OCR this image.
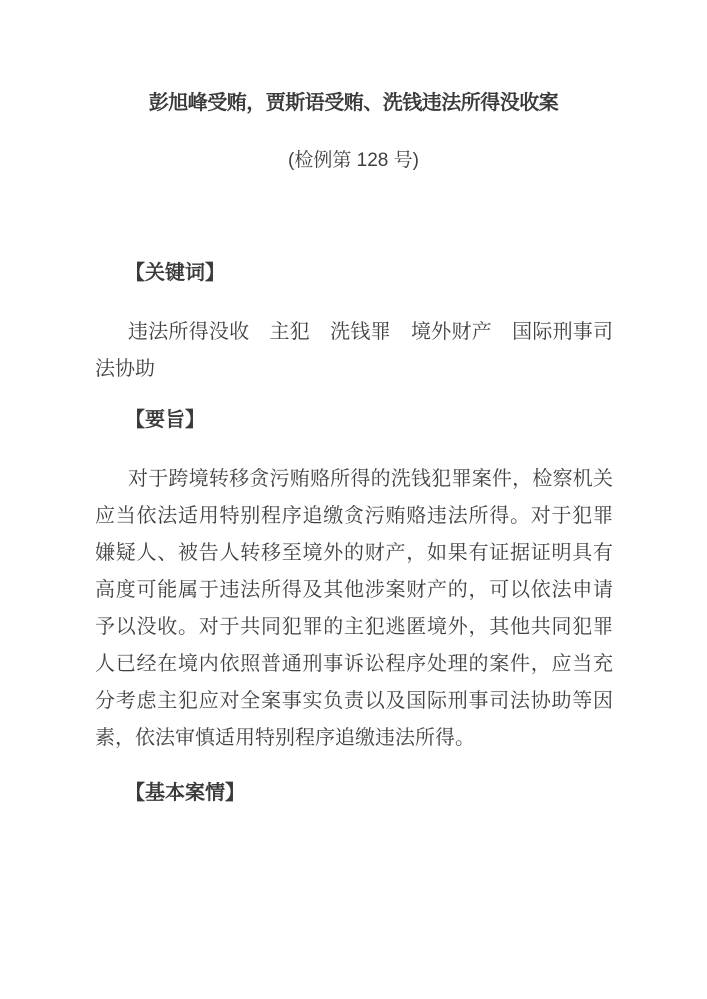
彭旭峰受贿，贾斯语受贿、洗钱违法所得没收案
(检例第 128 号)
【关键词】
违法所得没收　主犯　洗钱罪　境外财产　国际刑事司法协助
【要旨】
对于跨境转移贪污贿赂所得的洗钱犯罪案件，检察机关应当依法适用特别程序追缴贪污贿赂违法所得。对于犯罪嫌疑人、被告人转移至境外的财产，如果有证据证明具有高度可能属于违法所得及其他涉案财产的，可以依法申请予以没收。对于共同犯罪的主犯逃匿境外，其他共同犯罪人已经在境内依照普通刑事诉讼程序处理的案件，应当充分考虑主犯应对全案事实负责以及国际刑事司法协助等因素，依法审慎适用特别程序追缴违法所得。
【基本案情】
